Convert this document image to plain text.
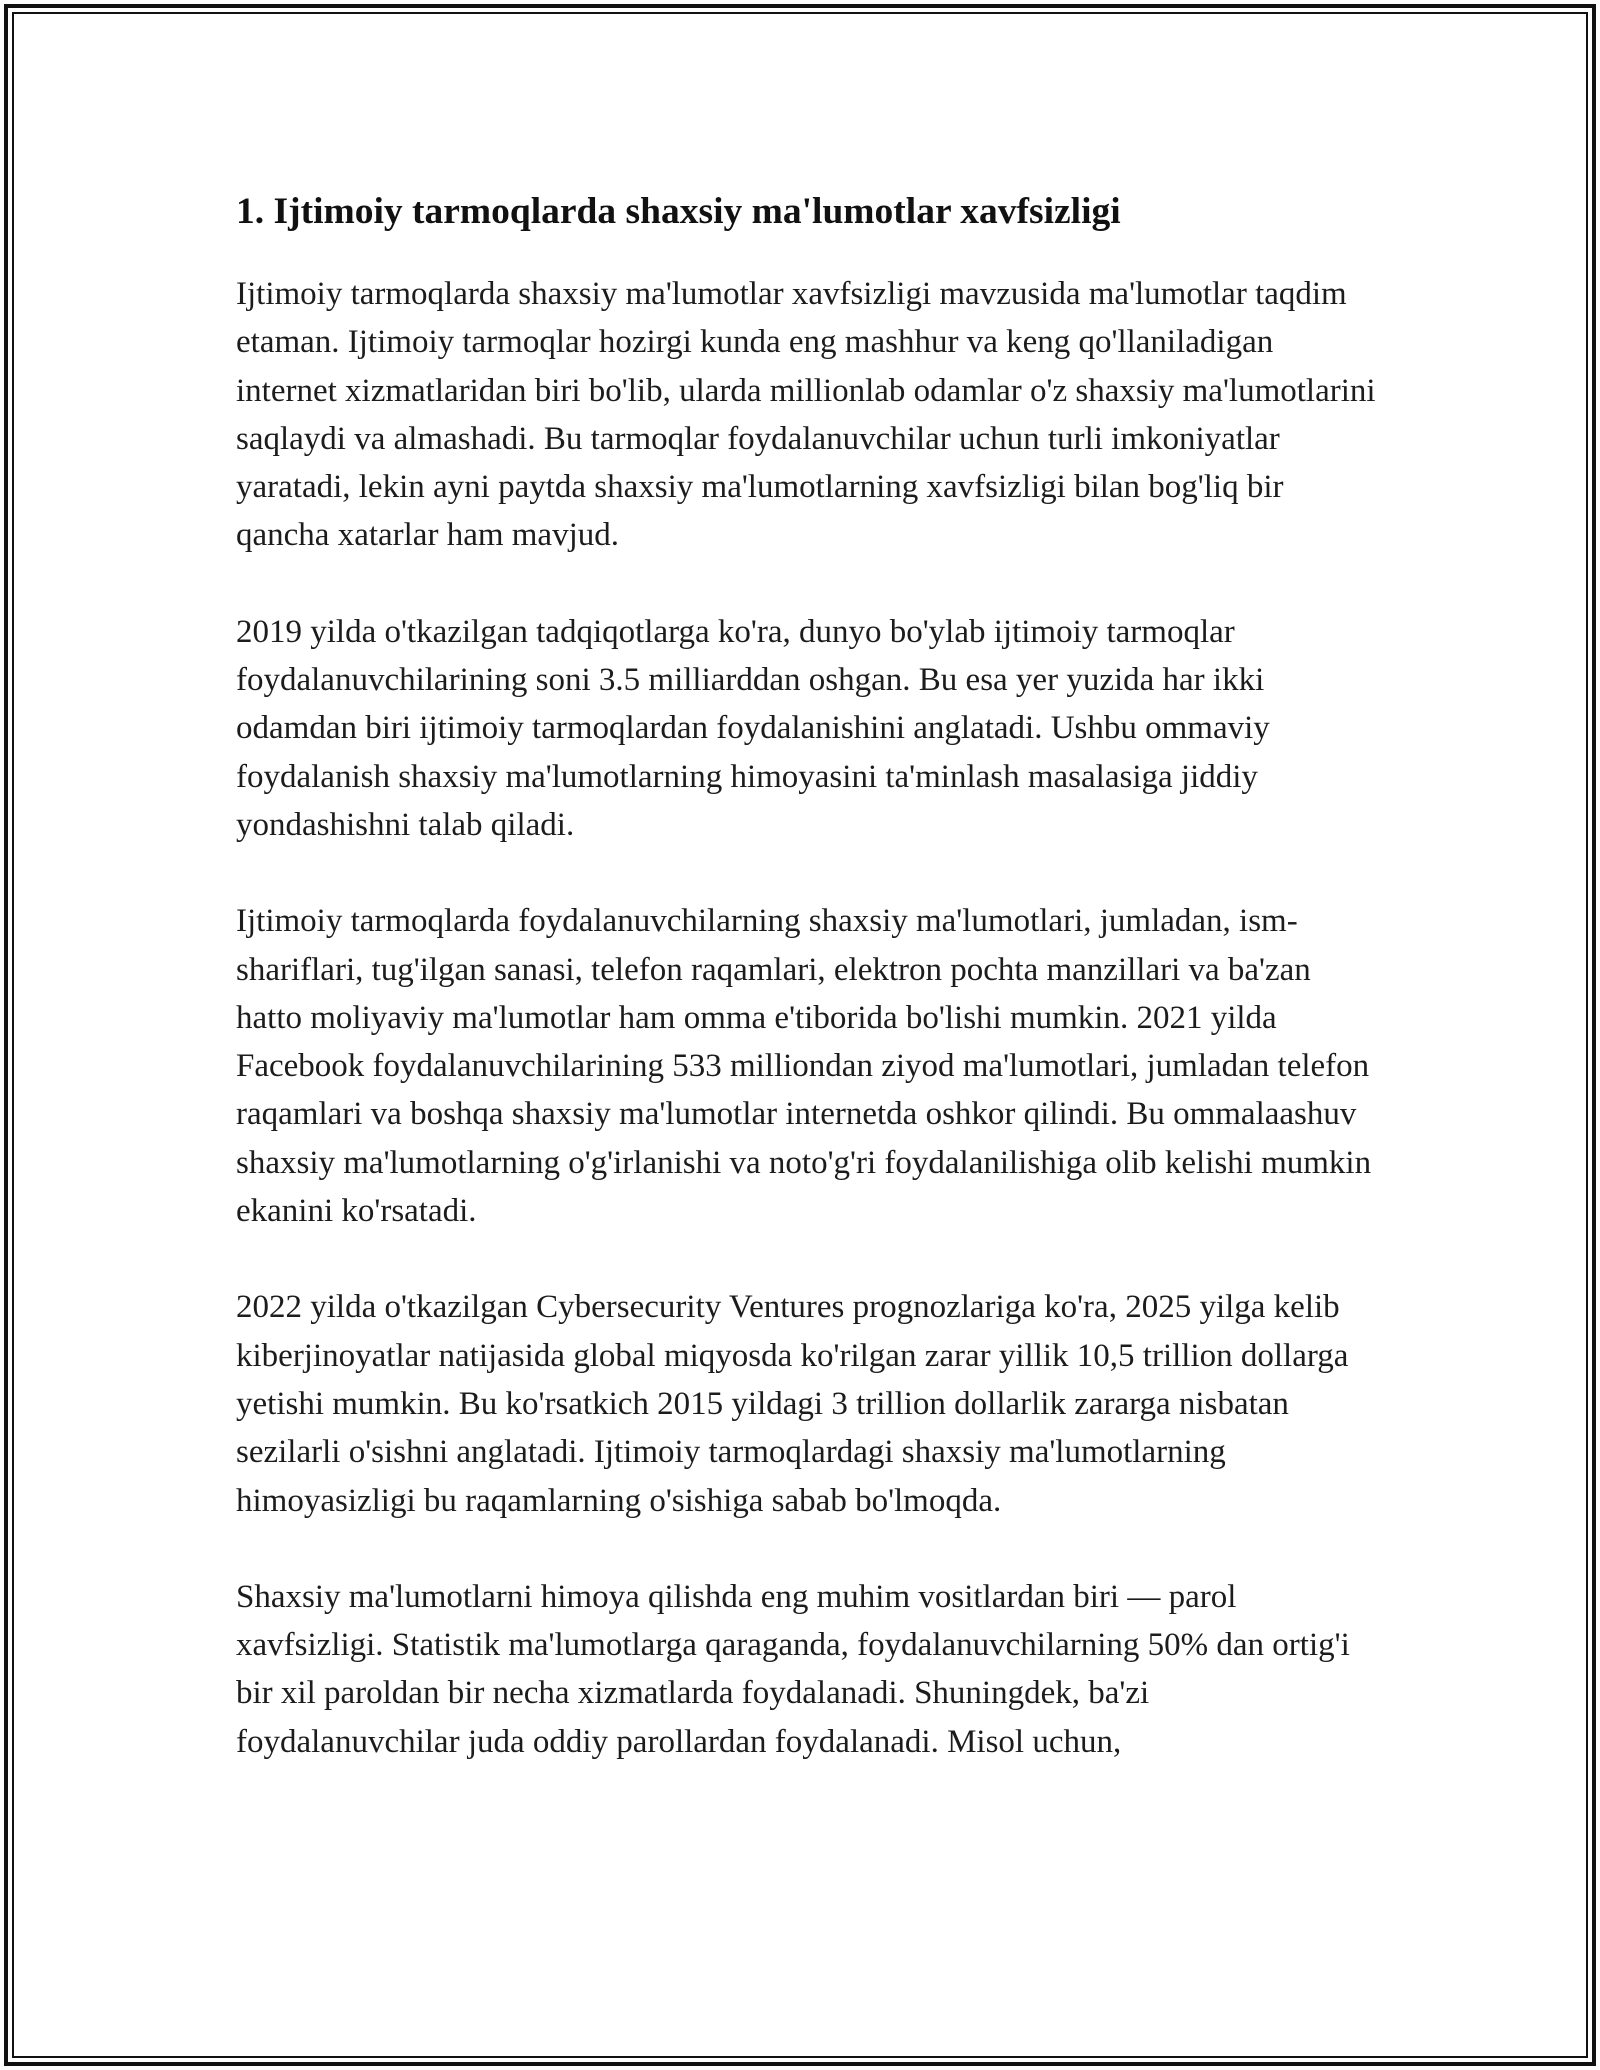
1. Ijtimoiy tarmoqlarda shaxsiy ma'lumotlar xavfsizligi

Ijtimoiy tarmoqlarda shaxsiy ma'lumotlar xavfsizligi mavzusida ma'lumotlar taqdim etaman. Ijtimoiy tarmoqlar hozirgi kunda eng mashhur va keng qo'llaniladigan internet xizmatlaridan biri bo'lib, ularda millionlab odamlar o'z shaxsiy ma'lumotlarini saqlaydi va almashadi. Bu tarmoqlar foydalanuvchilar uchun turli imkoniyatlar yaratadi, lekin ayni paytda shaxsiy ma'lumotlarning xavfsizligi bilan bog'liq bir qancha xatarlar ham mavjud.

2019 yilda o'tkazilgan tadqiqotlarga ko'ra, dunyo bo'ylab ijtimoiy tarmoqlar foydalanuvchilarining soni 3.5 milliarddan oshgan. Bu esa yer yuzida har ikki odamdan biri ijtimoiy tarmoqlardan foydalanishini anglatadi. Ushbu ommaviy foydalanish shaxsiy ma'lumotlarning himoyasini ta'minlash masalasiga jiddiy yondashishni talab qiladi.

Ijtimoiy tarmoqlarda foydalanuvchilarning shaxsiy ma'lumotlari, jumladan, ism-shariflari, tug'ilgan sanasi, telefon raqamlari, elektron pochta manzillari va ba'zan hatto moliyaviy ma'lumotlar ham omma e'tiborida bo'lishi mumkin. 2021 yilda Facebook foydalanuvchilarining 533 milliondan ziyod ma'lumotlari, jumladan telefon raqamlari va boshqa shaxsiy ma'lumotlar internetda oshkor qilindi. Bu ommalaashuv shaxsiy ma'lumotlarning o'g'irlanishi va noto'g'ri foydalanilishiga olib kelishi mumkin ekanini ko'rsatadi.

2022 yilda o'tkazilgan Cybersecurity Ventures prognozlariga ko'ra, 2025 yilga kelib kiberjinoyatlar natijasida global miqyosda ko'rilgan zarar yillik 10,5 trillion dollarga yetishi mumkin. Bu ko'rsatkich 2015 yildagi 3 trillion dollarlik zararga nisbatan sezilarli o'sishni anglatadi. Ijtimoiy tarmoqlardagi shaxsiy ma'lumotlarning himoyasizligi bu raqamlarning o'sishiga sabab bo'lmoqda.

Shaxsiy ma'lumotlarni himoya qilishda eng muhim vositlardan biri — parol xavfsizligi. Statistik ma'lumotlarga qaraganda, foydalanuvchilarning 50% dan ortig'i bir xil paroldan bir necha xizmatlarda foydalanadi. Shuningdek, ba'zi foydalanuvchilar juda oddiy parollardan foydalanadi. Misol uchun,
